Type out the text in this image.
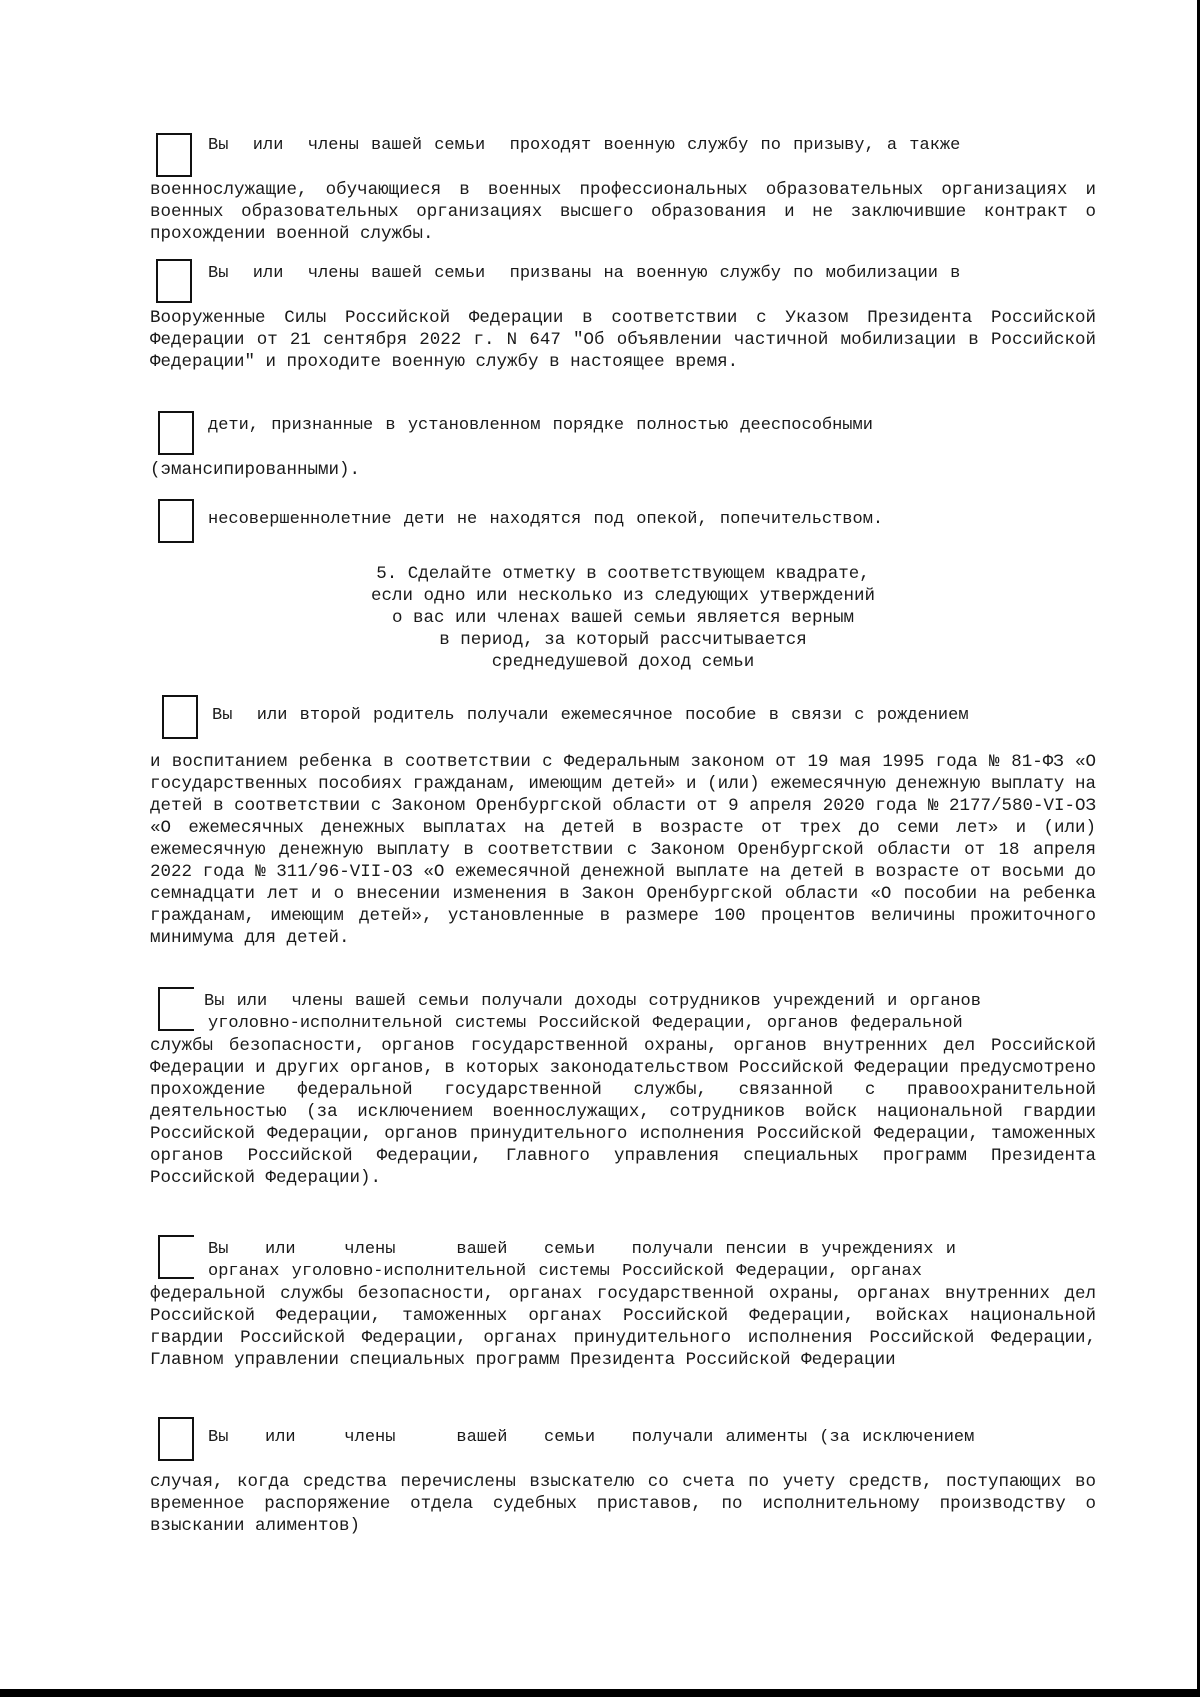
Вы  или  члены вашей семьи  проходят военную службу по призыву, а также
военнослужащие, обучающиеся в военных профессиональных образовательных организациях и военных образовательных организациях высшего образования и не заключившие контракт о прохождении военной службы.
Вы  или  члены вашей семьи  призваны на военную службу по мобилизации в
Вооруженные Силы Российской Федерации в соответствии с Указом Президента Российской Федерации от 21 сентября 2022 г. N 647 "Об объявлении частичной мобилизации в Российской Федерации" и проходите военную службу в настоящее время.
дети, признанные в установленном порядке полностью дееспособными
(эмансипированными).
несовершеннолетние дети не находятся под опекой, попечительством.
5. Сделайте отметку в соответствующем квадрате,
если одно или несколько из следующих утверждений
о вас или членах вашей семьи является верным
в период, за который рассчитывается
среднедушевой доход семьи
Вы  или второй родитель получали ежемесячное пособие в связи с рождением
и воспитанием ребенка в соответствии с Федеральным законом от 19 мая 1995 года № 81-ФЗ «О государственных пособиях гражданам, имеющим детей» и (или) ежемесячную денежную выплату на детей в соответствии с Законом Оренбургской области от 9 апреля 2020 года № 2177/580-VI-ОЗ «О ежемесячных денежных выплатах на детей в возрасте от трех до семи лет» и (или) ежемесячную денежную выплату в соответствии с Законом Оренбургской области от 18 апреля 2022 года № 311/96-VII-ОЗ «О ежемесячной денежной выплате на детей в возрасте от восьми до семнадцати лет и о внесении изменения в Закон Оренбургской области «О пособии на ребенка гражданам, имеющим детей», установленные в размере 100 процентов величины прожиточного минимума для детей.
Вы или  члены вашей семьи получали доходы сотрудников учреждений и органов
уголовно-исполнительной системы Российской Федерации, органов федеральной
службы безопасности, органов государственной охраны, органов внутренних дел Российской Федерации и других органов, в которых законодательством Российской Федерации предусмотрено прохождение федеральной государственной службы, связанной с правоохранительной деятельностью (за исключением военнослужащих, сотрудников войск национальной гвардии Российской Федерации, органов принудительного исполнения Российской Федерации, таможенных органов Российской Федерации, Главного управления специальных программ Президента Российской Федерации).
Вы   или    члены     вашей   семьи   получали пенсии в учреждениях и
органах уголовно-исполнительной системы Российской Федерации, органах
федеральной службы безопасности, органах государственной охраны, органах внутренних дел Российской Федерации, таможенных органах Российской Федерации, войсках национальной гвардии Российской Федерации, органах принудительного исполнения Российской Федерации, Главном управлении специальных программ Президента Российской Федерации
Вы   или    члены     вашей   семьи   получали алименты (за исключением
случая, когда средства перечислены взыскателю со счета по учету средств, поступающих во временное распоряжение отдела судебных приставов, по исполнительному производству о взыскании алиментов)
